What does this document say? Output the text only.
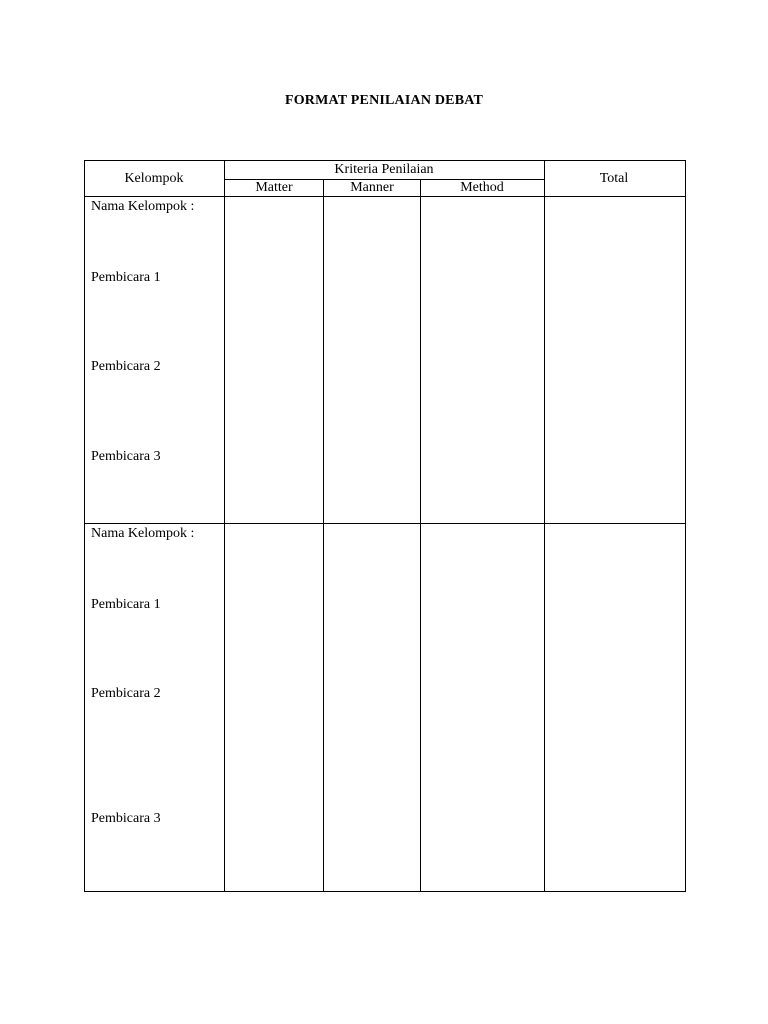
FORMAT PENILAIAN DEBAT
Kelompok
Kriteria Penilaian
Matter	Manner	Method
Total
Nama Kelompok :
Pembicara 1
Pembicara 2
Pembicara 3
Nama Kelompok :
Pembicara 1
Pembicara 2
Pembicara 3
